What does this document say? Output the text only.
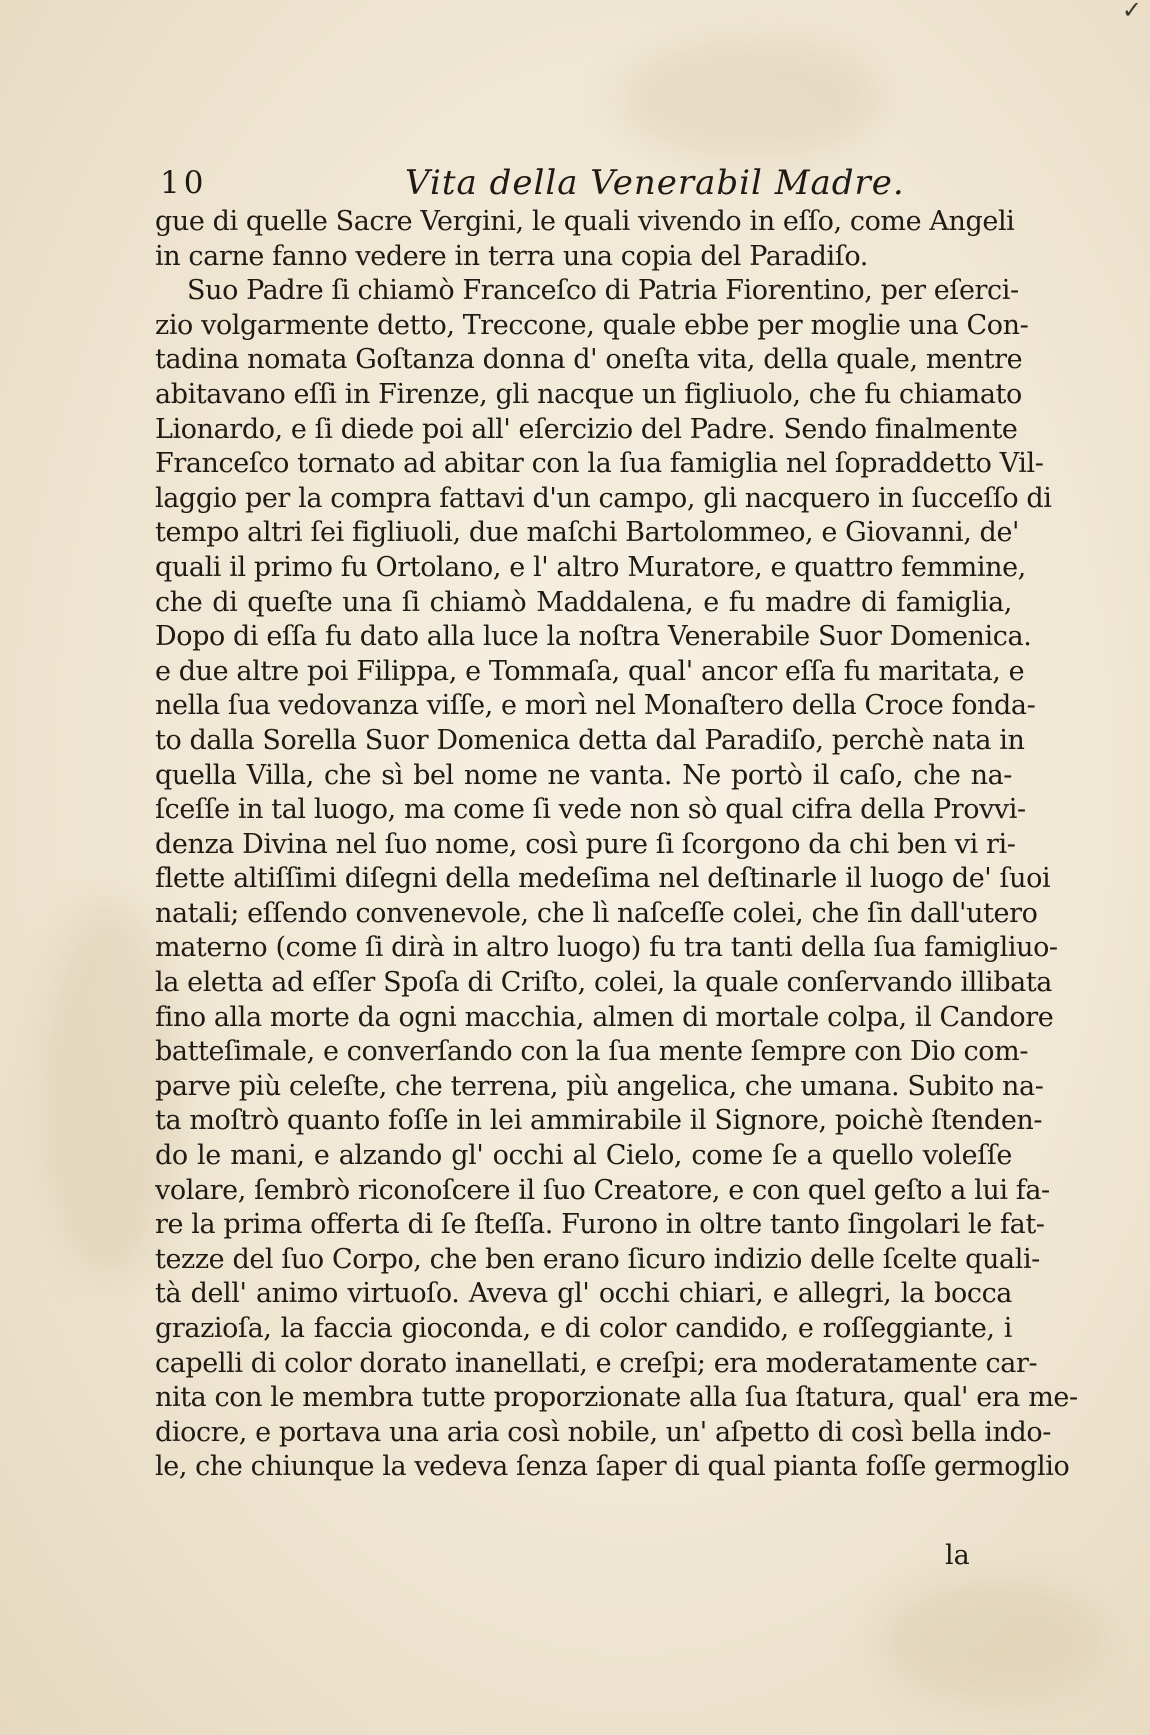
✓
10	Vita della Venerabil Madre.
gue di quelle Sacre Vergini, le quali vivendo in eſſo, come Angeli
in carne fanno vedere in terra una copia del Paradiſo.
Suo Padre ſi chiamò Franceſco di Patria Fiorentino, per eſerci-
zio volgarmente detto, Treccone, quale ebbe per moglie una Con-
tadina nomata Goſtanza donna d' oneſta vita, della quale, mentre
abitavano eſſi in Firenze, gli nacque un figliuolo, che fu chiamato
Lionardo, e ſi diede poi all' eſercizio del Padre. Sendo finalmente
Franceſco tornato ad abitar con la ſua famiglia nel ſopraddetto Vil-
laggio per la compra fattavi d'un campo, gli nacquero in ſucceſſo di
tempo altri ſei figliuoli, due maſchi Bartolommeo, e Giovanni, de'
quali il primo fu Ortolano, e l' altro Muratore, e quattro femmine,
che di queſte una ſi chiamò Maddalena, e fu madre di famiglia,
Dopo di eſſa fu dato alla luce la noſtra Venerabile Suor Domenica.
e due altre poi Filippa, e Tommaſa, qual' ancor eſſa fu maritata, e
nella ſua vedovanza viſſe, e morì nel Monaſtero della Croce fonda-
to dalla Sorella Suor Domenica detta dal Paradiſo, perchè nata in
quella Villa, che sì bel nome ne vanta. Ne portò il caſo, che na-
ſceſſe in tal luogo, ma come ſi vede non sò qual cifra della Provvi-
denza Divina nel ſuo nome, così pure ſi ſcorgono da chi ben vi ri-
flette altiſſimi diſegni della medeſima nel deſtinarle il luogo de' ſuoi
natali; eſſendo convenevole, che lì naſceſſe colei, che ſin dall'utero
materno (come ſi dirà in altro luogo) fu tra tanti della ſua famigliuo-
la eletta ad eſſer Spoſa di Criſto, colei, la quale conſervando illibata
fino alla morte da ogni macchia, almen di mortale colpa, il Candore
batteſimale, e converſando con la ſua mente ſempre con Dio com-
parve più celeſte, che terrena, più angelica, che umana. Subito na-
ta moſtrò quanto foſſe in lei ammirabile il Signore, poichè ſtenden-
do le mani, e alzando gl' occhi al Cielo, come ſe a quello voleſſe
volare, ſembrò riconoſcere il ſuo Creatore, e con quel geſto a lui fa-
re la prima offerta di ſe ſteſſa. Furono in oltre tanto ſingolari le fat-
tezze del ſuo Corpo, che ben erano ſicuro indizio delle ſcelte quali-
tà dell' animo virtuoſo. Aveva gl' occhi chiari, e allegri, la bocca
grazioſa, la faccia gioconda, e di color candido, e roſſeggiante, i
capelli di color dorato inanellati, e creſpi; era moderatamente car-
nita con le membra tutte proporzionate alla ſua ſtatura, qual' era me-
diocre, e portava una aria così nobile, un' aſpetto di così bella indo-
le, che chiunque la vedeva ſenza ſaper di qual pianta foſſe germoglio
la
